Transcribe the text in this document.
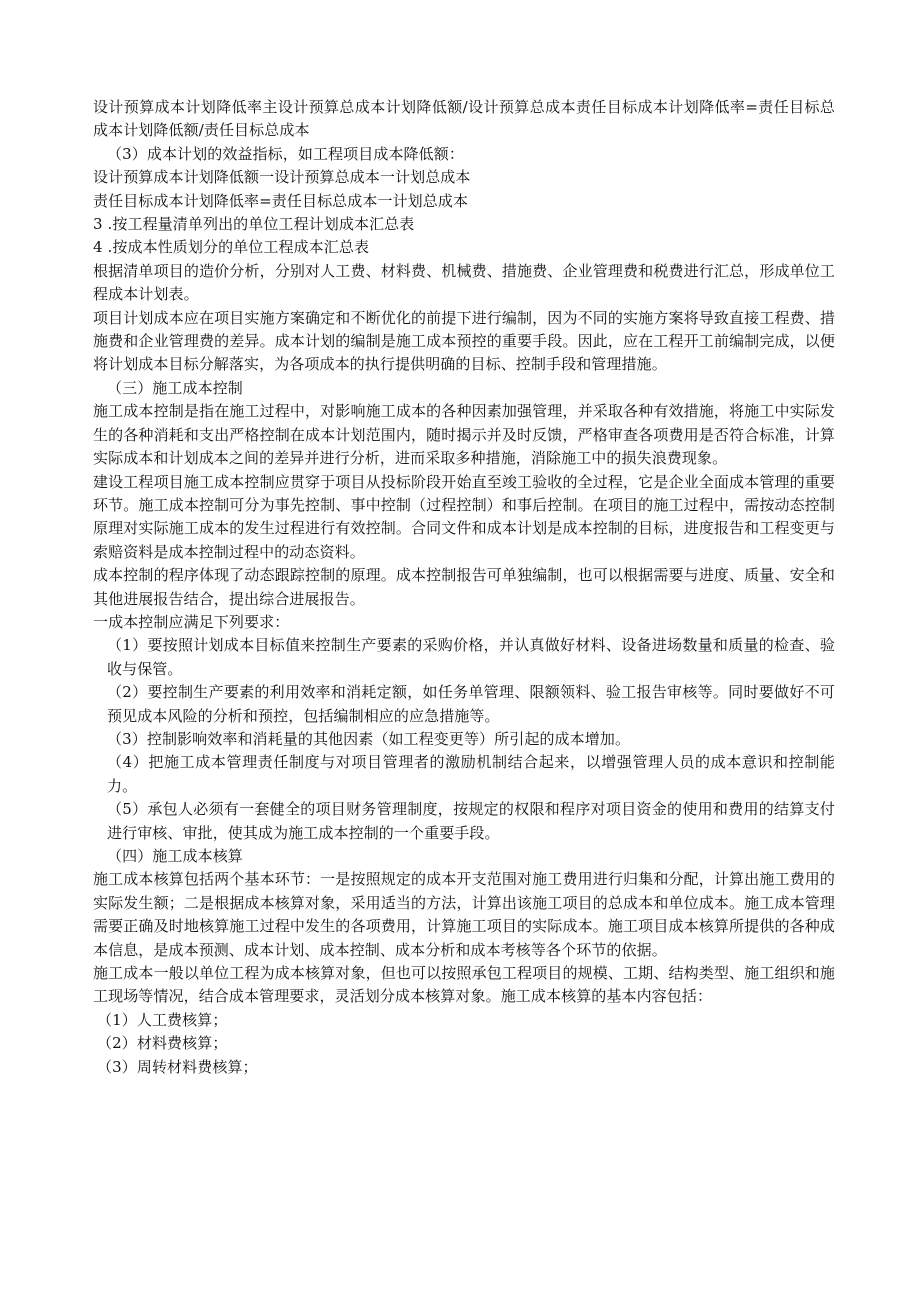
设计预算成本计划降低率主设计预算总成本计划降低额/设计预算总成本责任目标成本计划降低率=责任目标总成本计划降低额/责任目标总成本

（3）成本计划的效益指标，如工程项目成本降低额：

设计预算成本计划降低额一设计预算总成本一计划总成本

责任目标成本计划降低率=责任目标总成本一计划总成本

3 .按工程量清单列出的单位工程计划成本汇总表

4 .按成本性质划分的单位工程成本汇总表

根据清单项目的造价分析，分别对人工费、材料费、机械费、措施费、企业管理费和税费进行汇总，形成单位工程成本计划表。

项目计划成本应在项目实施方案确定和不断优化的前提下进行编制，因为不同的实施方案将导致直接工程费、措施费和企业管理费的差异。成本计划的编制是施工成本预控的重要手段。因此，应在工程开工前编制完成，以便将计划成本目标分解落实，为各项成本的执行提供明确的目标、控制手段和管理措施。

（三）施工成本控制

施工成本控制是指在施工过程中，对影响施工成本的各种因素加强管理，并采取各种有效措施，将施工中实际发生的各种消耗和支出严格控制在成本计划范围内，随时揭示并及时反馈，严格审查各项费用是否符合标准，计算实际成本和计划成本之间的差异并进行分析，进而采取多种措施，消除施工中的损失浪费现象。

建设工程项目施工成本控制应贯穿于项目从投标阶段开始直至竣工验收的全过程，它是企业全面成本管理的重要环节。施工成本控制可分为事先控制、事中控制（过程控制）和事后控制。在项目的施工过程中，需按动态控制原理对实际施工成本的发生过程进行有效控制。合同文件和成本计划是成本控制的目标，进度报告和工程变更与索赔资料是成本控制过程中的动态资料。

成本控制的程序体现了动态跟踪控制的原理。成本控制报告可单独编制，也可以根据需要与进度、质量、安全和其他进展报告结合，提出综合进展报告。

一成本控制应满足下列要求：

（1）要按照计划成本目标值来控制生产要素的采购价格，并认真做好材料、设备进场数量和质量的检查、验收与保管。

（2）要控制生产要素的利用效率和消耗定额，如任务单管理、限额领料、验工报告审核等。同时要做好不可预见成本风险的分析和预控，包括编制相应的应急措施等。

（3）控制影响效率和消耗量的其他因素（如工程变更等）所引起的成本增加。

（4）把施工成本管理责任制度与对项目管理者的激励机制结合起来，以增强管理人员的成本意识和控制能力。

（5）承包人必须有一套健全的项目财务管理制度，按规定的权限和程序对项目资金的使用和费用的结算支付进行审核、审批，使其成为施工成本控制的一个重要手段。

（四）施工成本核算

施工成本核算包括两个基本环节：一是按照规定的成本开支范围对施工费用进行归集和分配，计算出施工费用的实际发生额；二是根据成本核算对象，采用适当的方法，计算出该施工项目的总成本和单位成本。施工成本管理需要正确及时地核算施工过程中发生的各项费用，计算施工项目的实际成本。施工项目成本核算所提供的各种成本信息，是成本预测、成本计划、成本控制、成本分析和成本考核等各个环节的依据。

施工成本一般以单位工程为成本核算对象，但也可以按照承包工程项目的规模、工期、结构类型、施工组织和施工现场等情况，结合成本管理要求，灵活划分成本核算对象。施工成本核算的基本内容包括：

（1）人工费核算；

（2）材料费核算；

（3）周转材料费核算；
